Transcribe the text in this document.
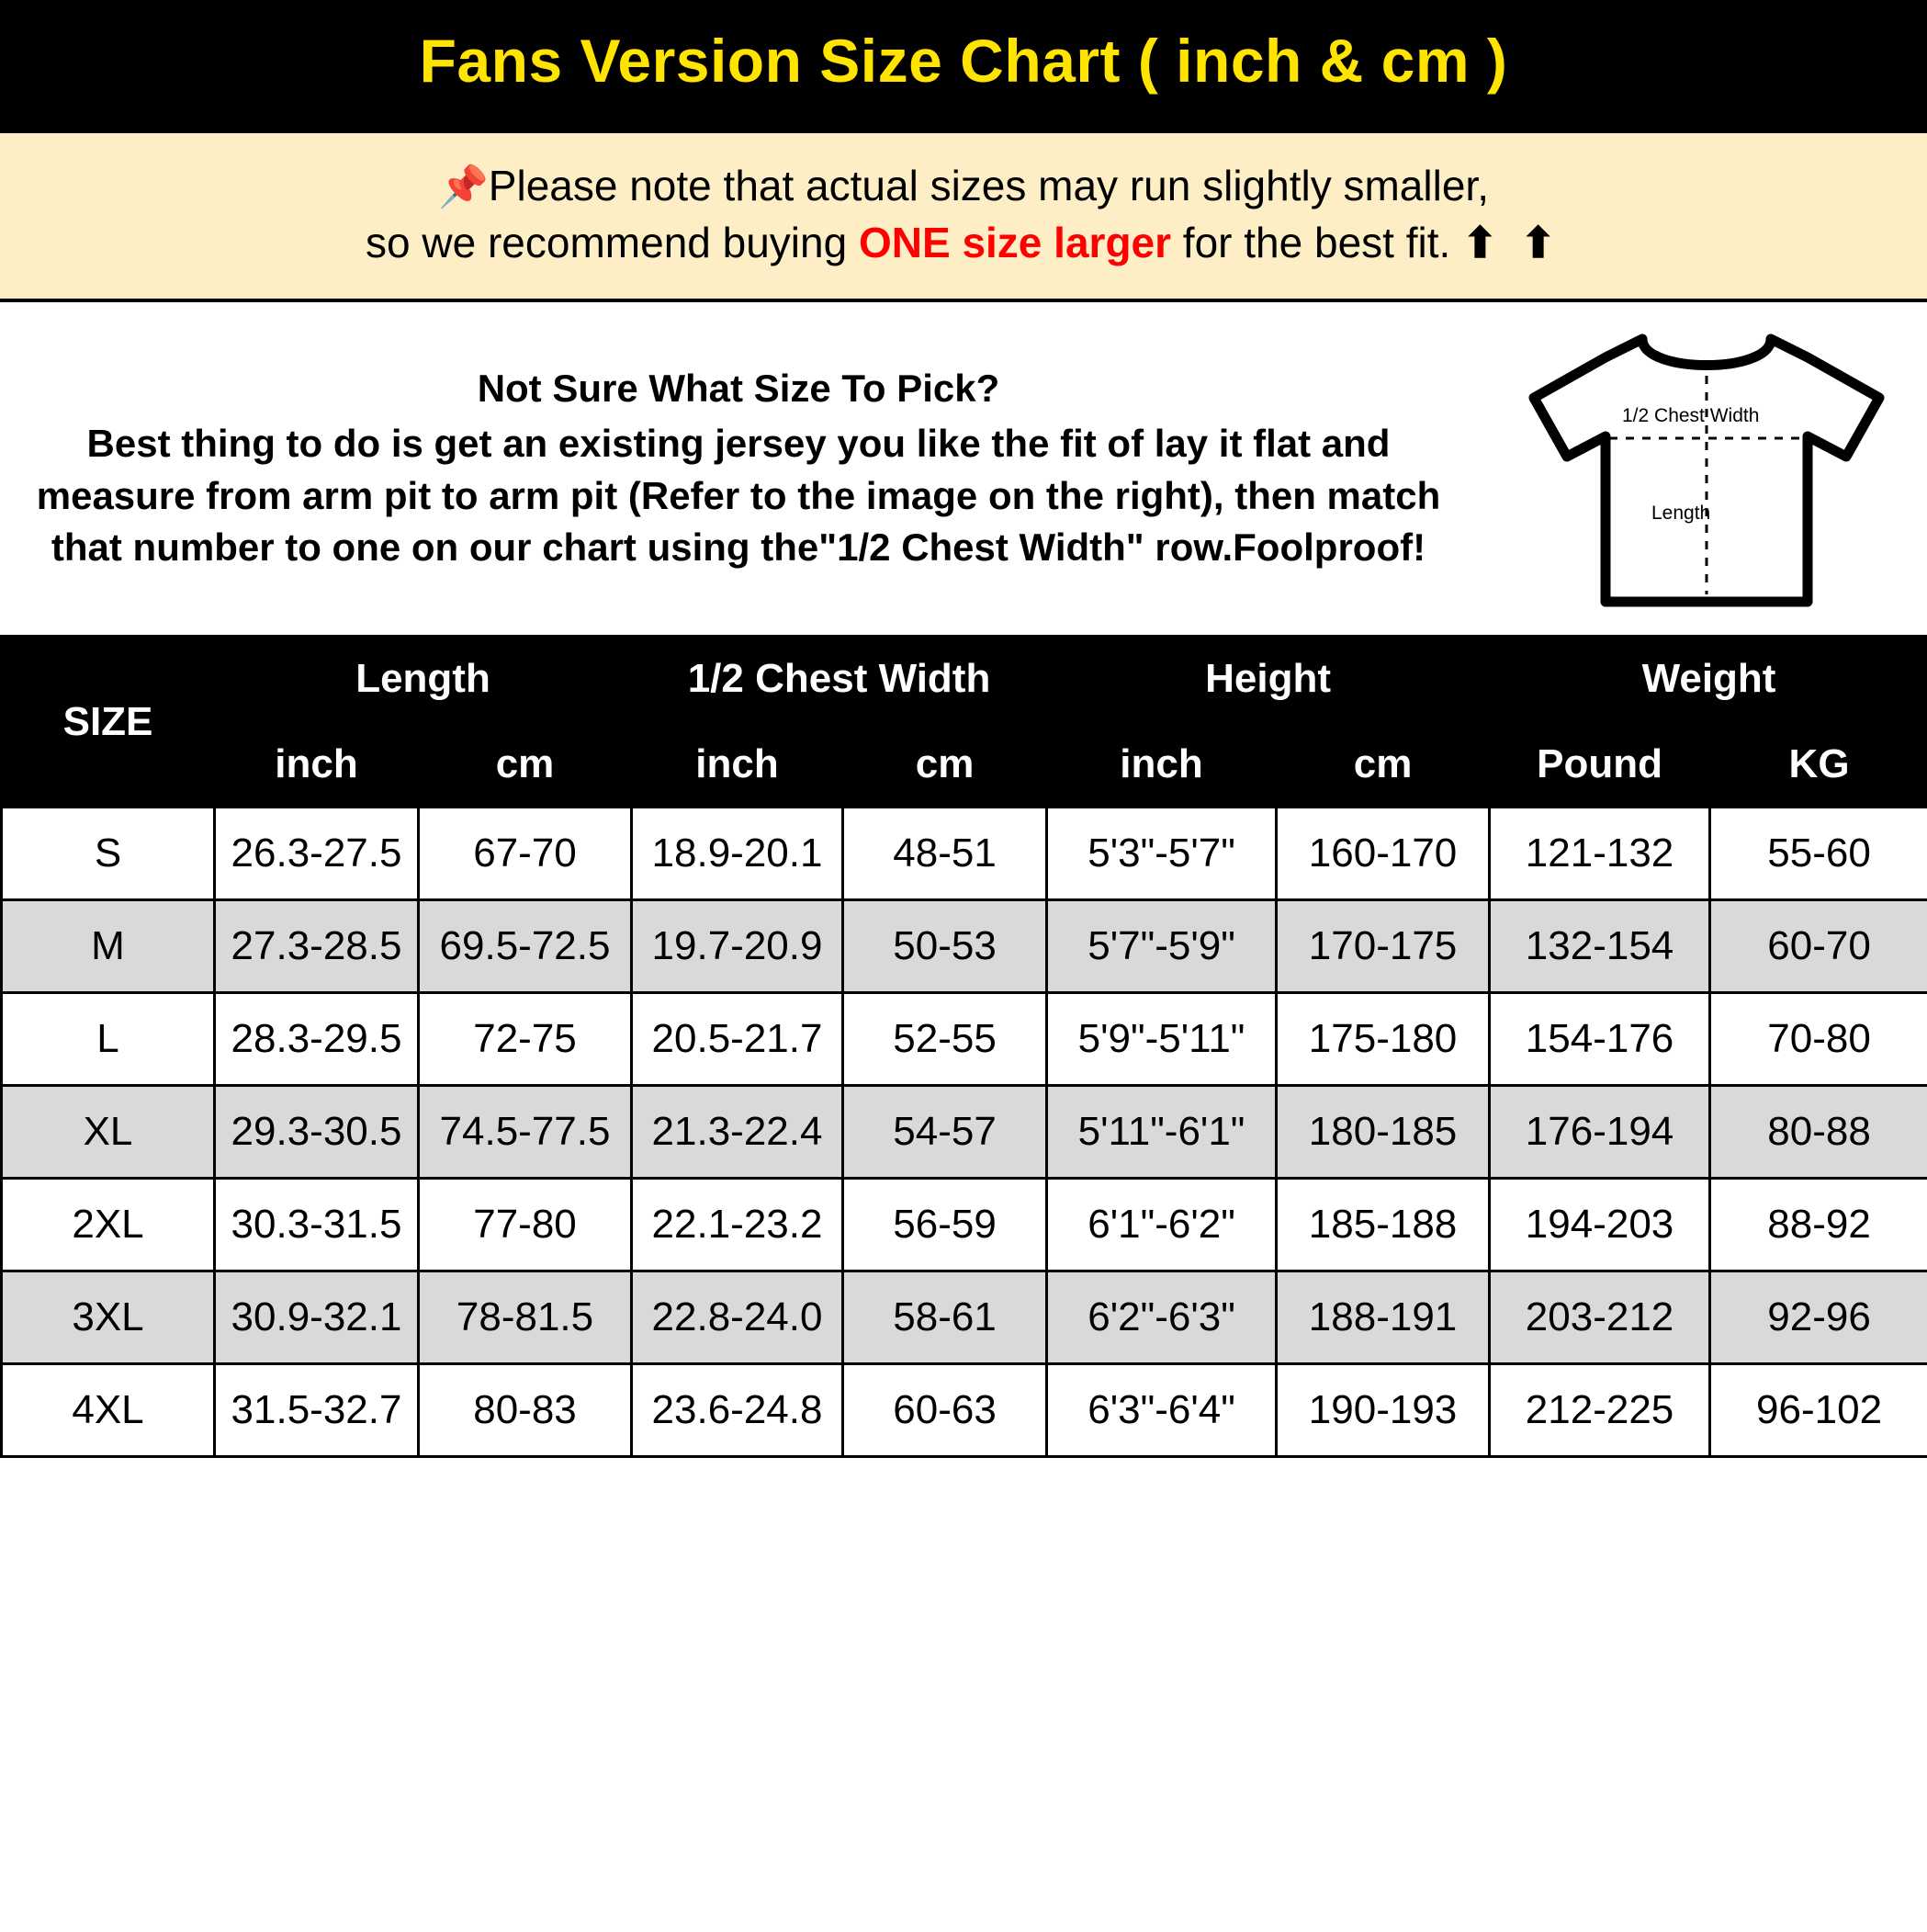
Fans Version Size Chart ( inch & cm )
📌Please note that actual sizes may run slightly smaller,
so we recommend buying ONE size larger for the best fit. ⬆ ⬆
Not Sure What Size To Pick?
Best thing to do is get an existing jersey you like the fit of lay it flat and measure from arm pit to arm pit (Refer to the image on the right), then match that number to one on our chart using the"1/2 Chest Width" row.Foolproof!
1/2 Chest Width
Length
SIZE	Length		1/2 Chest Width		Height		Weight	
	inch	cm	inch	cm	inch	cm	Pound	KG
S	26.3-27.5	67-70	18.9-20.1	48-51	5'3"-5'7"	160-170	121-132	55-60
M	27.3-28.5	69.5-72.5	19.7-20.9	50-53	5'7"-5'9"	170-175	132-154	60-70
L	28.3-29.5	72-75	20.5-21.7	52-55	5'9"-5'11"	175-180	154-176	70-80
XL	29.3-30.5	74.5-77.5	21.3-22.4	54-57	5'11"-6'1"	180-185	176-194	80-88
2XL	30.3-31.5	77-80	22.1-23.2	56-59	6'1"-6'2"	185-188	194-203	88-92
3XL	30.9-32.1	78-81.5	22.8-24.0	58-61	6'2"-6'3"	188-191	203-212	92-96
4XL	31.5-32.7	80-83	23.6-24.8	60-63	6'3"-6'4"	190-193	212-225	96-102
